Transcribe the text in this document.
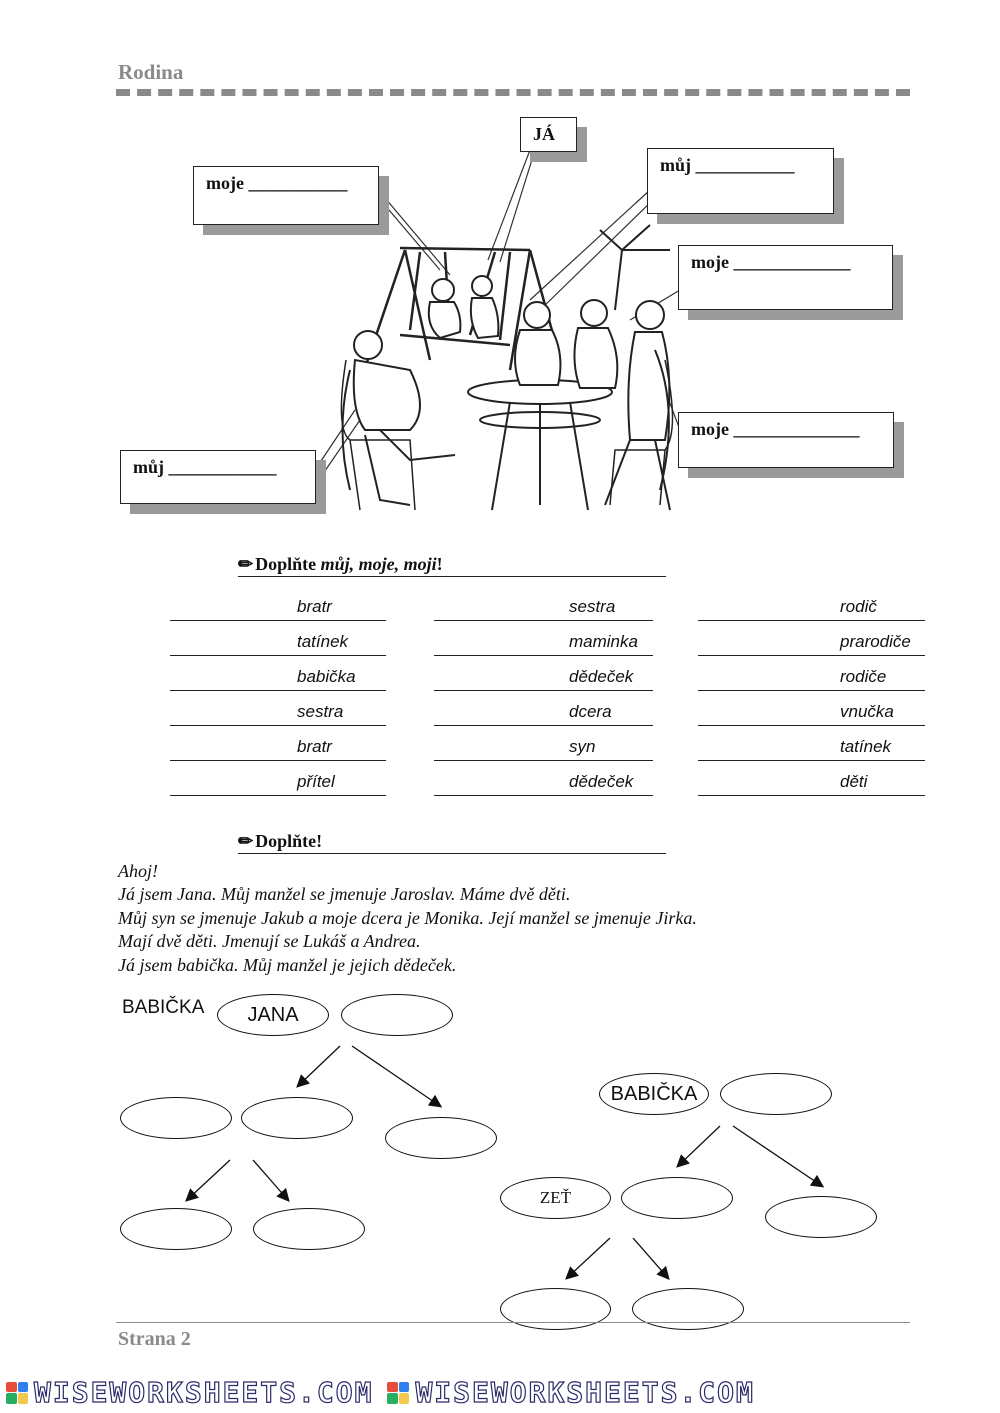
Rodina
JÁ
moje ___________
můj ___________
moje _____________
moje ______________
můj ____________
✏ Doplňte můj, moje, moji!
bratr
tatínek
babička
sestra
bratr
přítel
sestra
maminka
dědeček
dcera
syn
dědeček
rodič
prarodiče
rodiče
vnučka
tatínek
děti
✏ Doplňte!
Ahoj!
Já jsem Jana. Můj manžel se jmenuje Jaroslav. Máme dvě děti.
Můj syn se jmenuje Jakub a moje dcera je Monika. Její manžel se jmenuje Jirka.
Mají dvě děti. Jmenují se Lukáš a Andrea.
Já jsem babička. Můj manžel je jejich dědeček.
BABIČKA	JANA
BABIČKA
ZEŤ
Strana 2
WISEWORKSHEETS.COM WISEWORKSHEETS.COM
